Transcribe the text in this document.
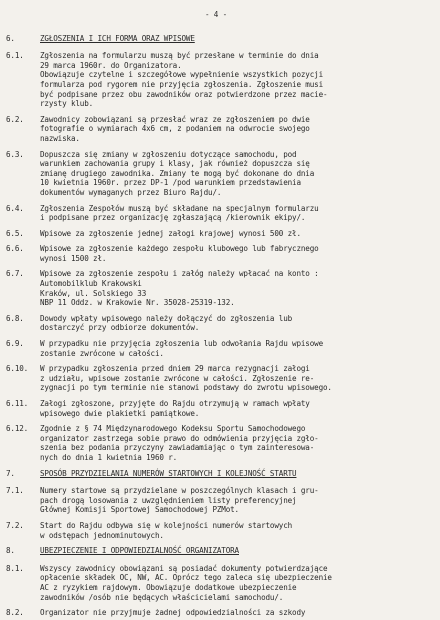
- 4 -
6.	ZGŁOSZENIA I ICH FORMA ORAZ WPISOWE
6.1.	Zgłoszenia na formularzu muszą być przesłane w terminie do dnia
29 marca 1960r. do Organizatora.
Obowiązuje czytelne i szczegółowe wypełnienie wszystkich pozycji
formularza pod rygorem nie przyjęcia zgłoszenia. Zgłoszenie musi
być podpisane przez obu zawodników oraz potwierdzone przez macie-
rzysty klub.
6.2.	Zawodnicy zobowiązani są przesłać wraz ze zgłoszeniem po dwie
fotografie o wymiarach 4x6 cm, z podaniem na odwrocie swojego
nazwiska.
6.3.	Dopuszcza się zmiany w zgłoszeniu dotyczące samochodu, pod
warunkiem zachowania grupy i klasy, jak również dopuszcza się
zmianę drugiego zawodnika. Zmiany te mogą być dokonane do dnia
10 kwietnia 1960r. przez DP-1 /pod warunkiem przedstawienia
dokumentów wymaganych przez Biuro Rajdu/.
6.4.	Zgłoszenia Zespołów muszą być składane na specjalnym formularzu
i podpisane przez organizację zgłaszającą /kierownik ekipy/.
6.5.	Wpisowe za zgłoszenie jednej załogi krajowej wynosi 500 zł.
6.6.	Wpisowe za zgłoszenie każdego zespołu klubowego lub fabrycznego
wynosi 1500 zł.
6.7.	Wpisowe za zgłoszenie zespołu i załóg należy wpłacać na konto :
Automobilklub Krakowski
Kraków, ul. Solskiego 33
NBP 11 Oddz. w Krakowie Nr. 35028-25319-132.
6.8.	Dowody wpłaty wpisowego należy dołączyć do zgłoszenia lub
dostarczyć przy odbiorze dokumentów.
6.9.	W przypadku nie przyjęcia zgłoszenia lub odwołania Rajdu wpisowe
zostanie zwrócone w całości.
6.10.	W przypadku zgłoszenia przed dniem 29 marca rezygnacji załogi
z udziału, wpisowe zostanie zwrócone w całości. Zgłoszenie re-
zygnacji po tym terminie nie stanowi podstawy do zwrotu wpisowego.
6.11.	Załogi zgłoszone, przyjęte do Rajdu otrzymują w ramach wpłaty
wpisowego dwie plakietki pamiątkowe.
6.12.	Zgodnie z § 74 Międzynarodowego Kodeksu Sportu Samochodowego
organizator zastrzega sobie prawo do odmówienia przyjęcia zgło-
szenia bez podania przyczyny zawiadamiając o tym zainteresowa-
nych do dnia 1 kwietnia 1960 r.
7.	SPOSÓB PRZYDZIELANIA NUMERÓW STARTOWYCH I KOLEJNOŚĆ STARTU
7.1.	Numery startowe są przydzielane w poszczególnych klasach i gru-
pach drogą losowania z uwzględnieniem listy preferencyjnej
Głównej Komisji Sportowej Samochodowej PZMot.
7.2.	Start do Rajdu odbywa się w kolejności numerów startowych
w odstępach jednominutowych.
8.	UBEZPIECZENIE I ODPOWIEDZIALNOŚĆ ORGANIZATORA
8.1.	Wszyscy zawodnicy obowiązani są posiadać dokumenty potwierdzające
opłacenie składek OC, NW, AC. Oprócz tego zaleca się ubezpieczenie
AC z ryzykiem rajdowym. Obowiązuje dodatkowe ubezpieczenie
zawodników /osób nie będących właścicielami samochodu/.
8.2.	Organizator nie przyjmuje żadnej odpowiedzialności za szkody
